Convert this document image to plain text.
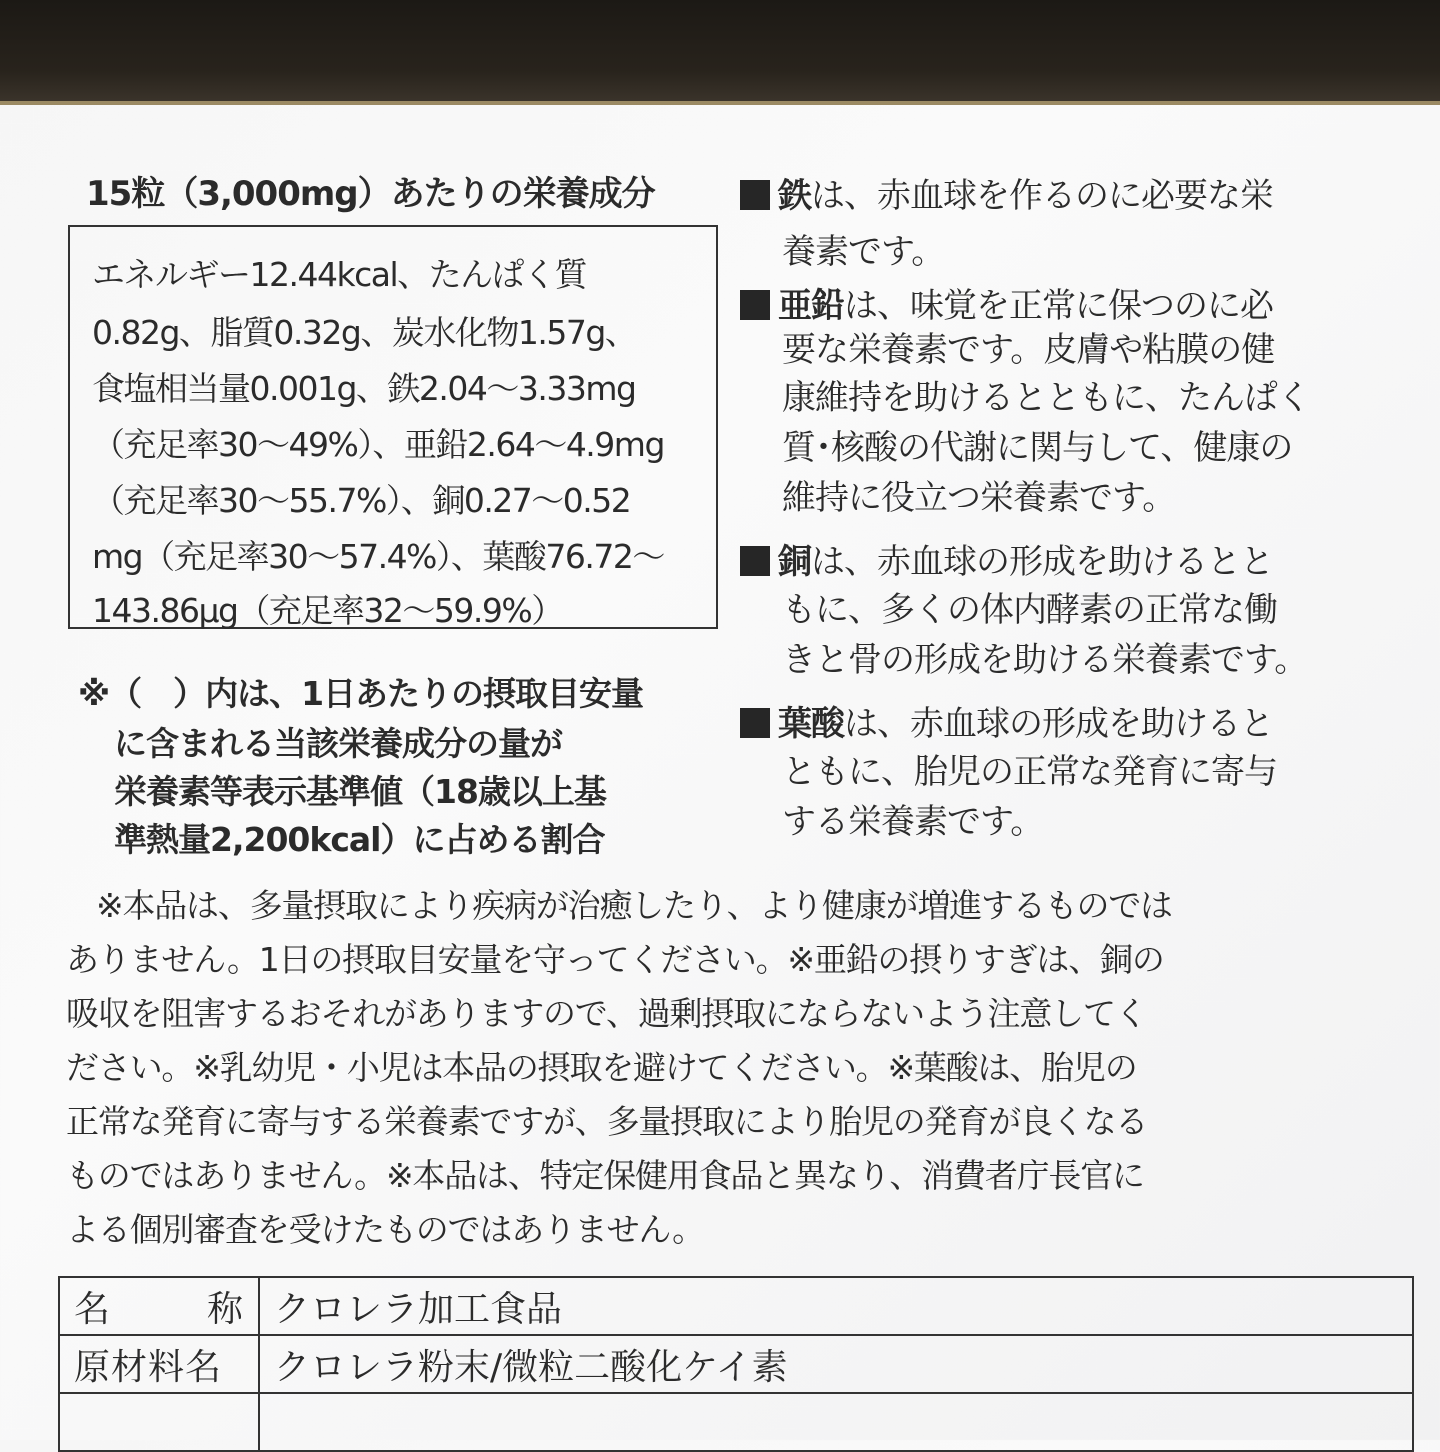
15粒（3,000mg）あたりの栄養成分
エネルギー12.44kcal、たんぱく質
0.82g、脂質0.32g、炭水化物1.57g、
食塩相当量0.001g、鉄2.04～3.33mg
（充足率30～49%）、亜鉛2.64～4.9mg
（充足率30～55.7%）、銅0.27～0.52
mg（充足率30～57.4%）、葉酸76.72～
143.86μg（充足率32～59.9%）
※（　）内は、1日あたりの摂取目安量
に含まれる当該栄養成分の量が
栄養素等表示基準値（18歳以上基
準熱量2,200kcal）に占める割合
鉄は、赤血球を作るのに必要な栄
養素です。
亜鉛は、味覚を正常に保つのに必
要な栄養素です。皮膚や粘膜の健
康維持を助けるとともに、たんぱく
質･核酸の代謝に関与して、健康の
維持に役立つ栄養素です。
銅は、赤血球の形成を助けるとと
もに、多くの体内酵素の正常な働
きと骨の形成を助ける栄養素です。
葉酸は、赤血球の形成を助けると
ともに、胎児の正常な発育に寄与
する栄養素です。
※本品は、多量摂取により疾病が治癒したり、より健康が増進するものでは
ありません。1日の摂取目安量を守ってください。※亜鉛の摂りすぎは、銅の
吸収を阻害するおそれがありますので、過剰摂取にならないよう注意してく
ださい。※乳幼児・小児は本品の摂取を避けてください。※葉酸は、胎児の
正常な発育に寄与する栄養素ですが、多量摂取により胎児の発育が良くなる
ものではありません。※本品は、特定保健用食品と異なり、消費者庁長官に
よる個別審査を受けたものではありません。
名 称	クロレラ加工食品
原材料名	クロレラ粉末/微粒二酸化ケイ素
